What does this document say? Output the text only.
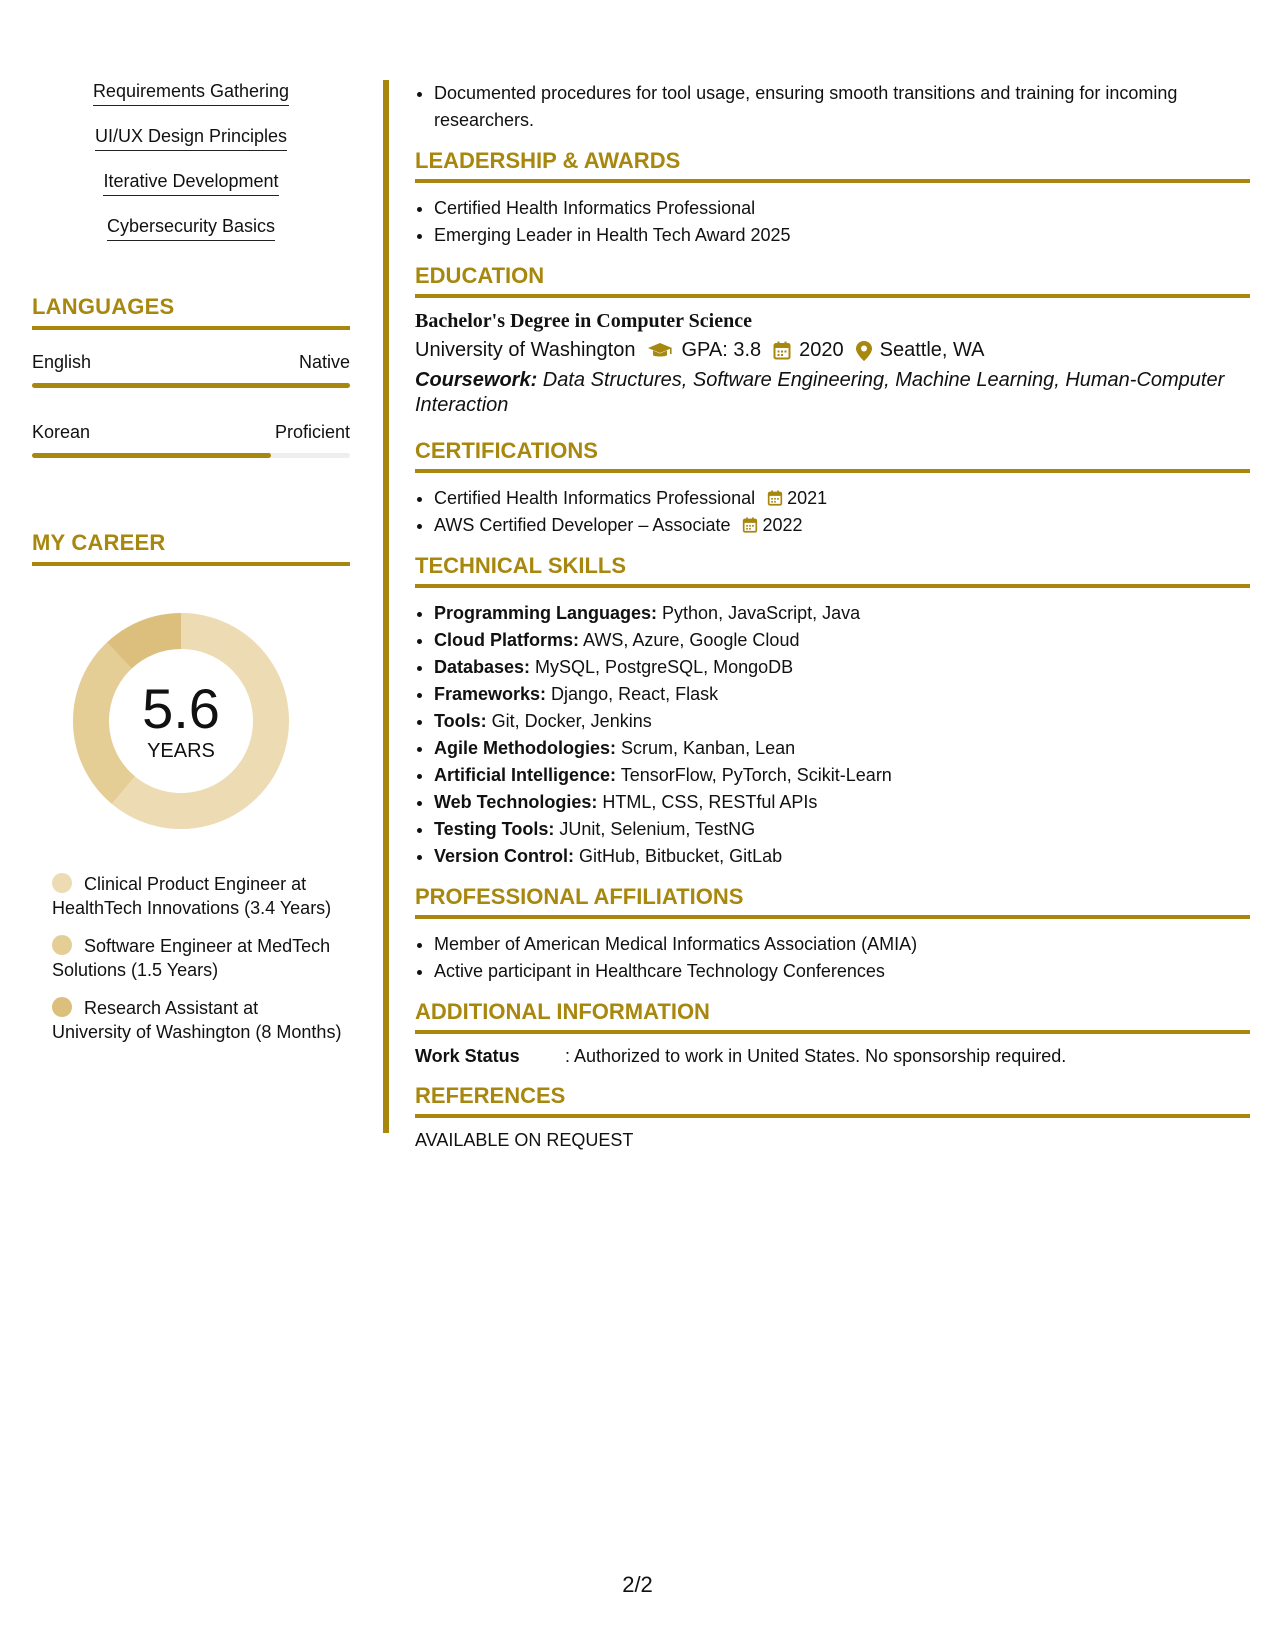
Requirements Gathering
UI/UX Design Principles
Iterative Development
Cybersecurity Basics
LANGUAGES
English	Native
Korean	Proficient
MY CAREER
5.6
YEARS
Clinical Product Engineer at HealthTech Innovations (3.4 Years)
Software Engineer at MedTech Solutions (1.5 Years)
Research Assistant at University of Washington (8 Months)
• Documented procedures for tool usage, ensuring smooth transitions and training for incoming researchers.
LEADERSHIP & AWARDS
• Certified Health Informatics Professional
• Emerging Leader in Health Tech Award 2025
EDUCATION
Bachelor's Degree in Computer Science
University of Washington GPA: 3.8 2020 Seattle, WA
Coursework: Data Structures, Software Engineering, Machine Learning, Human-Computer Interaction
CERTIFICATIONS
• Certified Health Informatics Professional 2021
• AWS Certified Developer – Associate 2022
TECHNICAL SKILLS
• Programming Languages: Python, JavaScript, Java
• Cloud Platforms: AWS, Azure, Google Cloud
• Databases: MySQL, PostgreSQL, MongoDB
• Frameworks: Django, React, Flask
• Tools: Git, Docker, Jenkins
• Agile Methodologies: Scrum, Kanban, Lean
• Artificial Intelligence: TensorFlow, PyTorch, Scikit-Learn
• Web Technologies: HTML, CSS, RESTful APIs
• Testing Tools: JUnit, Selenium, TestNG
• Version Control: GitHub, Bitbucket, GitLab
PROFESSIONAL AFFILIATIONS
• Member of American Medical Informatics Association (AMIA)
• Active participant in Healthcare Technology Conferences
ADDITIONAL INFORMATION
Work Status	: Authorized to work in United States. No sponsorship required.
REFERENCES
AVAILABLE ON REQUEST
2/2
